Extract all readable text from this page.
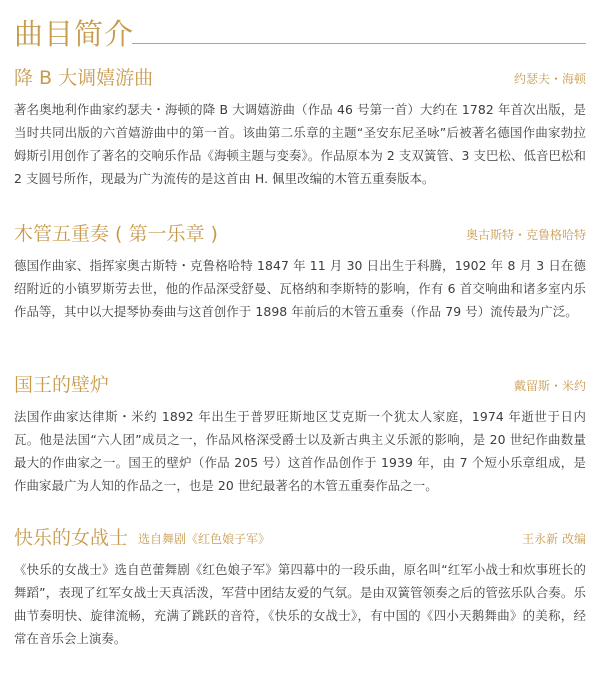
曲目简介
降 B 大调嬉游曲	约瑟夫・海顿

著名奥地利作曲家约瑟夫・海顿的降 B 大调嬉游曲（作品 46 号第一首）大约在 1782 年首次出版，是当时共同出版的六首嬉游曲中的第一首。该曲第二乐章的主题“圣安东尼圣咏”后被著名德国作曲家勃拉姆斯引用创作了著名的交响乐作品《海顿主题与变奏》。作品原本为 2 支双簧管、3 支巴松、低音巴松和 2 支圆号所作，现最为广为流传的是这首由 H. 佩里改编的木管五重奏版本。

木管五重奏 ( 第一乐章 )	奥古斯特・克鲁格哈特

德国作曲家、指挥家奥古斯特・克鲁格哈特 1847 年 11 月 30 日出生于科腾，1902 年 8 月 3 日在德绍附近的小镇罗斯劳去世，他的作品深受舒曼、瓦格纳和李斯特的影响，作有 6 首交响曲和诸多室内乐作品等，其中以大提琴协奏曲与这首创作于 1898 年前后的木管五重奏（作品 79 号）流传最为广泛。

国王的壁炉	戴留斯・米约

法国作曲家达律斯・米约 1892 年出生于普罗旺斯地区艾克斯一个犹太人家庭，1974 年逝世于日内瓦。他是法国“六人团”成员之一，作品风格深受爵士以及新古典主义乐派的影响，是 20 世纪作曲数量最大的作曲家之一。国王的壁炉（作品 205 号）这首作品创作于 1939 年，由 7 个短小乐章组成，是作曲家最广为人知的作品之一，也是 20 世纪最著名的木管五重奏作品之一。

快乐的女战士 选自舞剧《红色娘子军》	王永新 改编

《快乐的女战士》选自芭蕾舞剧《红色娘子军》第四幕中的一段乐曲，原名叫“红军小战士和炊事班长的舞蹈”，表现了红军女战士天真活泼，军营中团结友爱的气氛。是由双簧管领奏之后的管弦乐队合奏。乐曲节奏明快、旋律流畅，充满了跳跃的音符，《快乐的女战士》，有中国的《四小天鹅舞曲》的美称，经常在音乐会上演奏。
